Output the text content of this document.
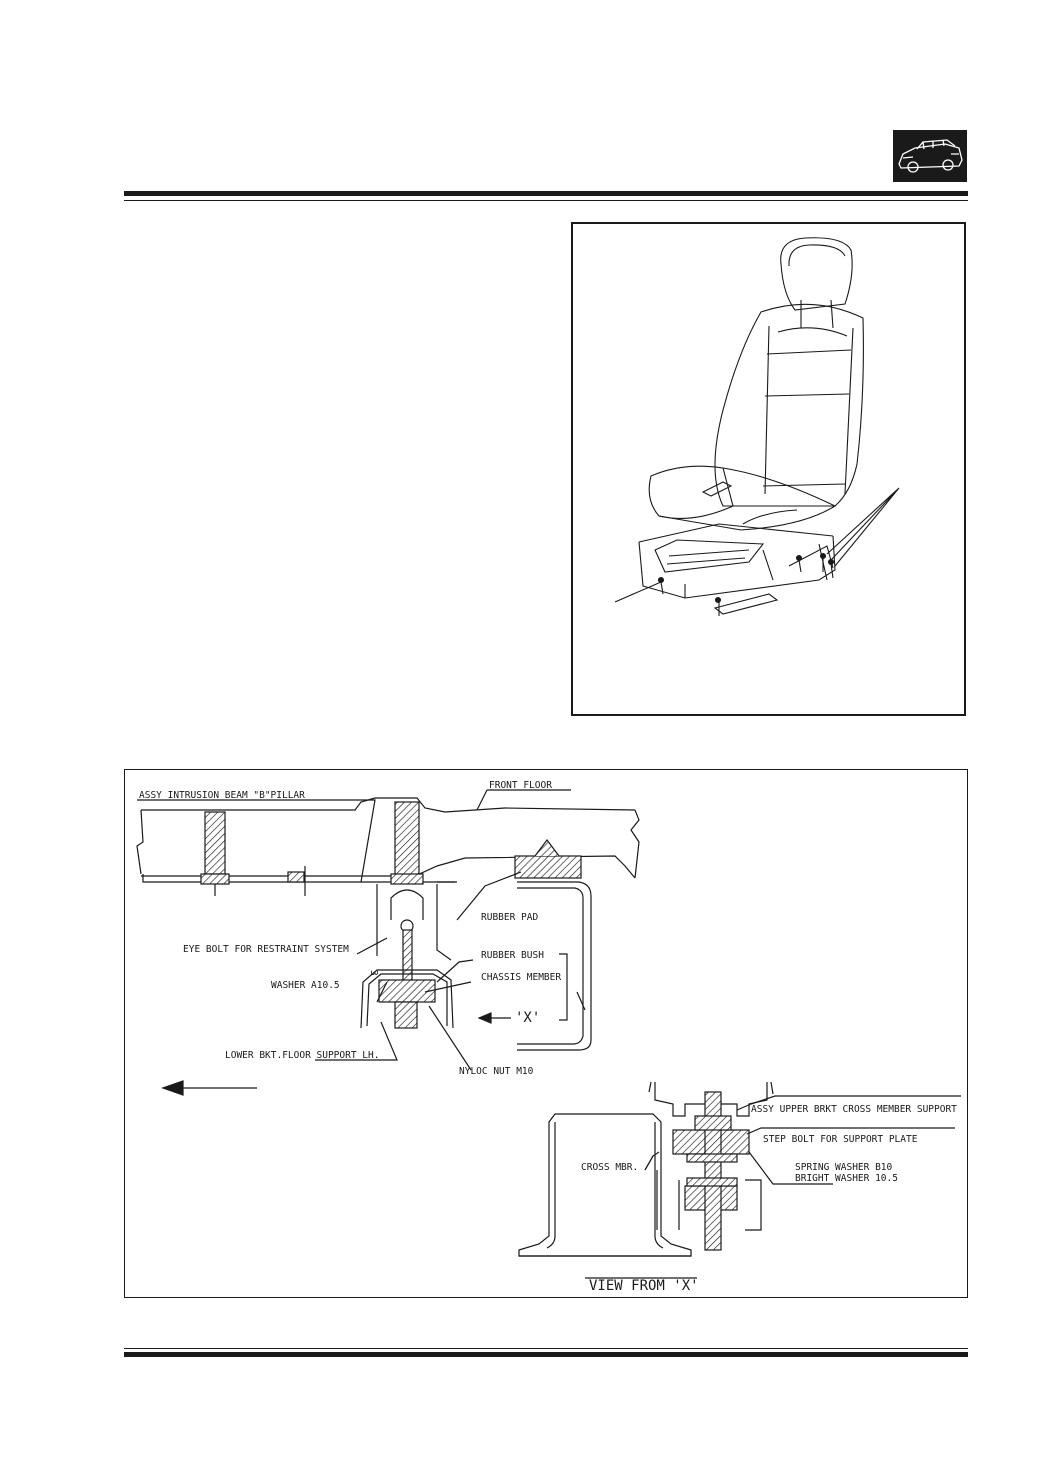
ASSY INTRUSION BEAM "B"PILLAR
FRONT FLOOR
RUBBER PAD
EYE BOLT FOR RESTRAINT SYSTEM
RUBBER BUSH
3	CHASSIS MEMBER
WASHER A10.5
'X'
LOWER BKT.FLOOR SUPPORT LH.
NYLOC NUT M10
ASSY UPPER BRKT CROSS MEMBER SUPPORT
STEP BOLT FOR SUPPORT PLATE
CROSS MBR.	SPRING WASHER B10
BRIGHT WASHER 10.5
VIEW FROM 'X'
